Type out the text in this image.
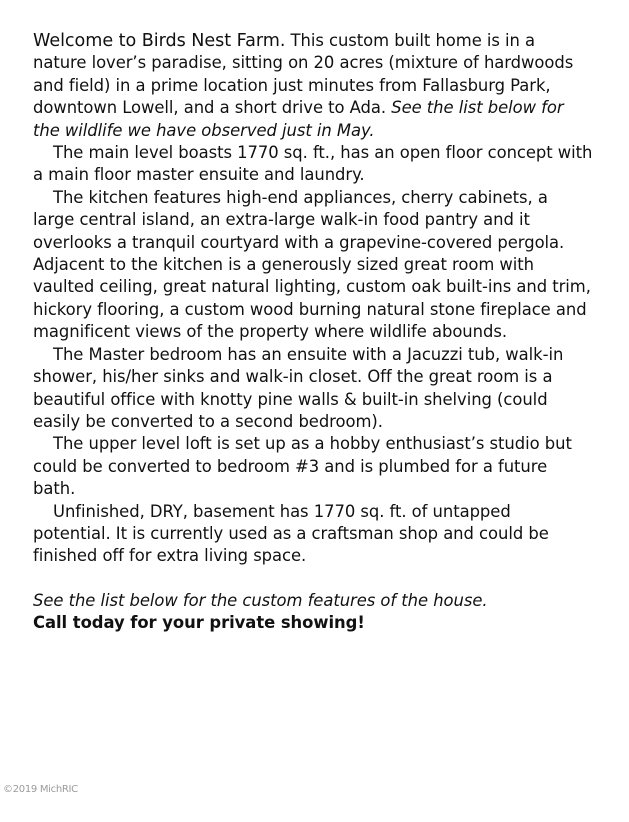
Welcome to Birds Nest Farm. This custom built home is in a nature lover’s paradise, sitting on 20 acres (mixture of hardwoods and field) in a prime location just minutes from Fallasburg Park, downtown Lowell, and a short drive to Ada. See the list below for the wildlife we have observed just in May.

The main level boasts 1770 sq. ft., has an open floor concept with a main floor master ensuite and laundry.

The kitchen features high-end appliances, cherry cabinets, a large central island, an extra-large walk-in food pantry and it overlooks a tranquil courtyard with a grapevine-covered pergola. Adjacent to the kitchen is a generously sized great room with vaulted ceiling, great natural lighting, custom oak built-ins and trim, hickory flooring, a custom wood burning natural stone fireplace and magnificent views of the property where wildlife abounds.

The Master bedroom has an ensuite with a Jacuzzi tub, walk-in shower, his/her sinks and walk-in closet. Off the great room is a beautiful office with knotty pine walls & built-in shelving (could easily be converted to a second bedroom).

The upper level loft is set up as a hobby enthusiast’s studio but could be converted to bedroom #3 and is plumbed for a future bath.

Unfinished, DRY, basement has 1770 sq. ft. of untapped potential. It is currently used as a craftsman shop and could be finished off for extra living space.

See the list below for the custom features of the house.

Call today for your private showing!

©2019 MichRIC
